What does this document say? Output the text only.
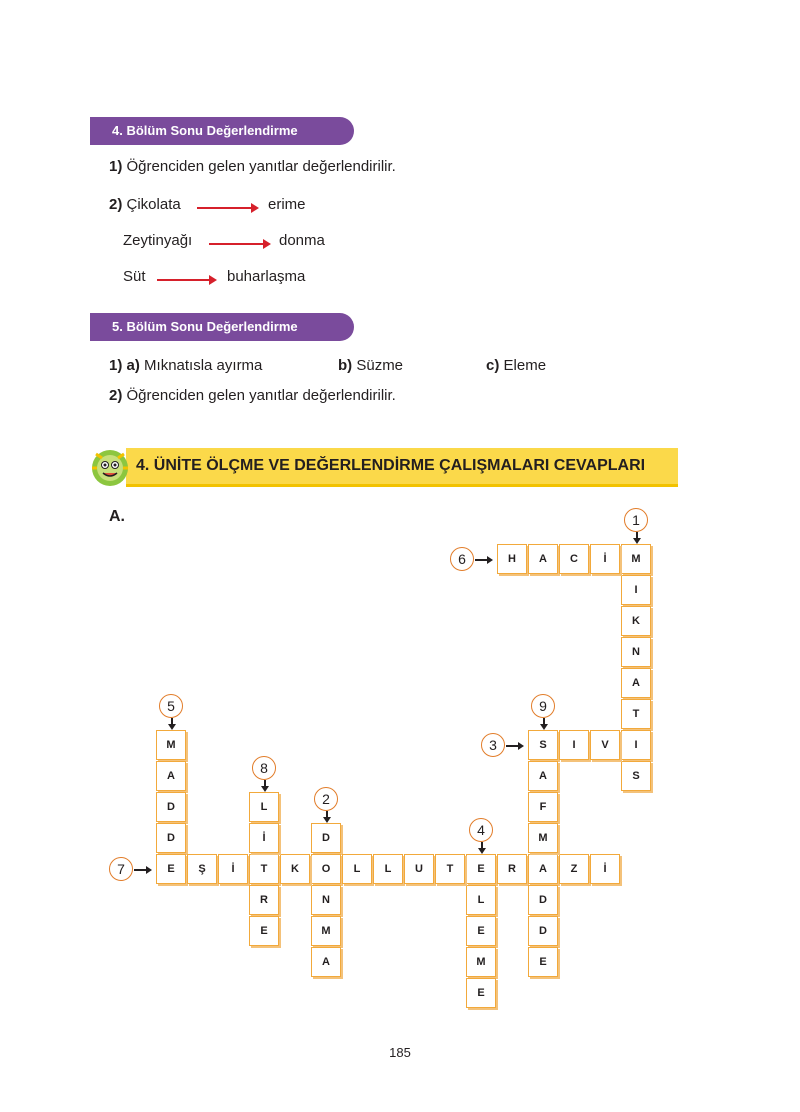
4. Bölüm Sonu Değerlendirme
1) Öğrenciden gelen yanıtlar değerlendirilir.
2) Çikolata	erime
Zeytinyağı	donma
Süt	buharlaşma
5. Bölüm Sonu Değerlendirme
1) a) Mıknatısla ayırma	b) Süzme	c) Eleme
2) Öğrenciden gelen yanıtlar değerlendirilir.
4. ÜNİTE ÖLÇME VE DEĞERLENDİRME ÇALIŞMALARI CEVAPLARI
A.
M
I
K
N
A
T
I
S
D
O
N
M
A
S	I	V
E
L
E
M
E
M
A
D
D
E
H	A	C	İ
Ş	İ	T	K	L	L	U	T	R	A	Z	İ
L
İ
R
E
A
F
M
D
D
E
1
2
3
4
5
6
7
8
9
185
